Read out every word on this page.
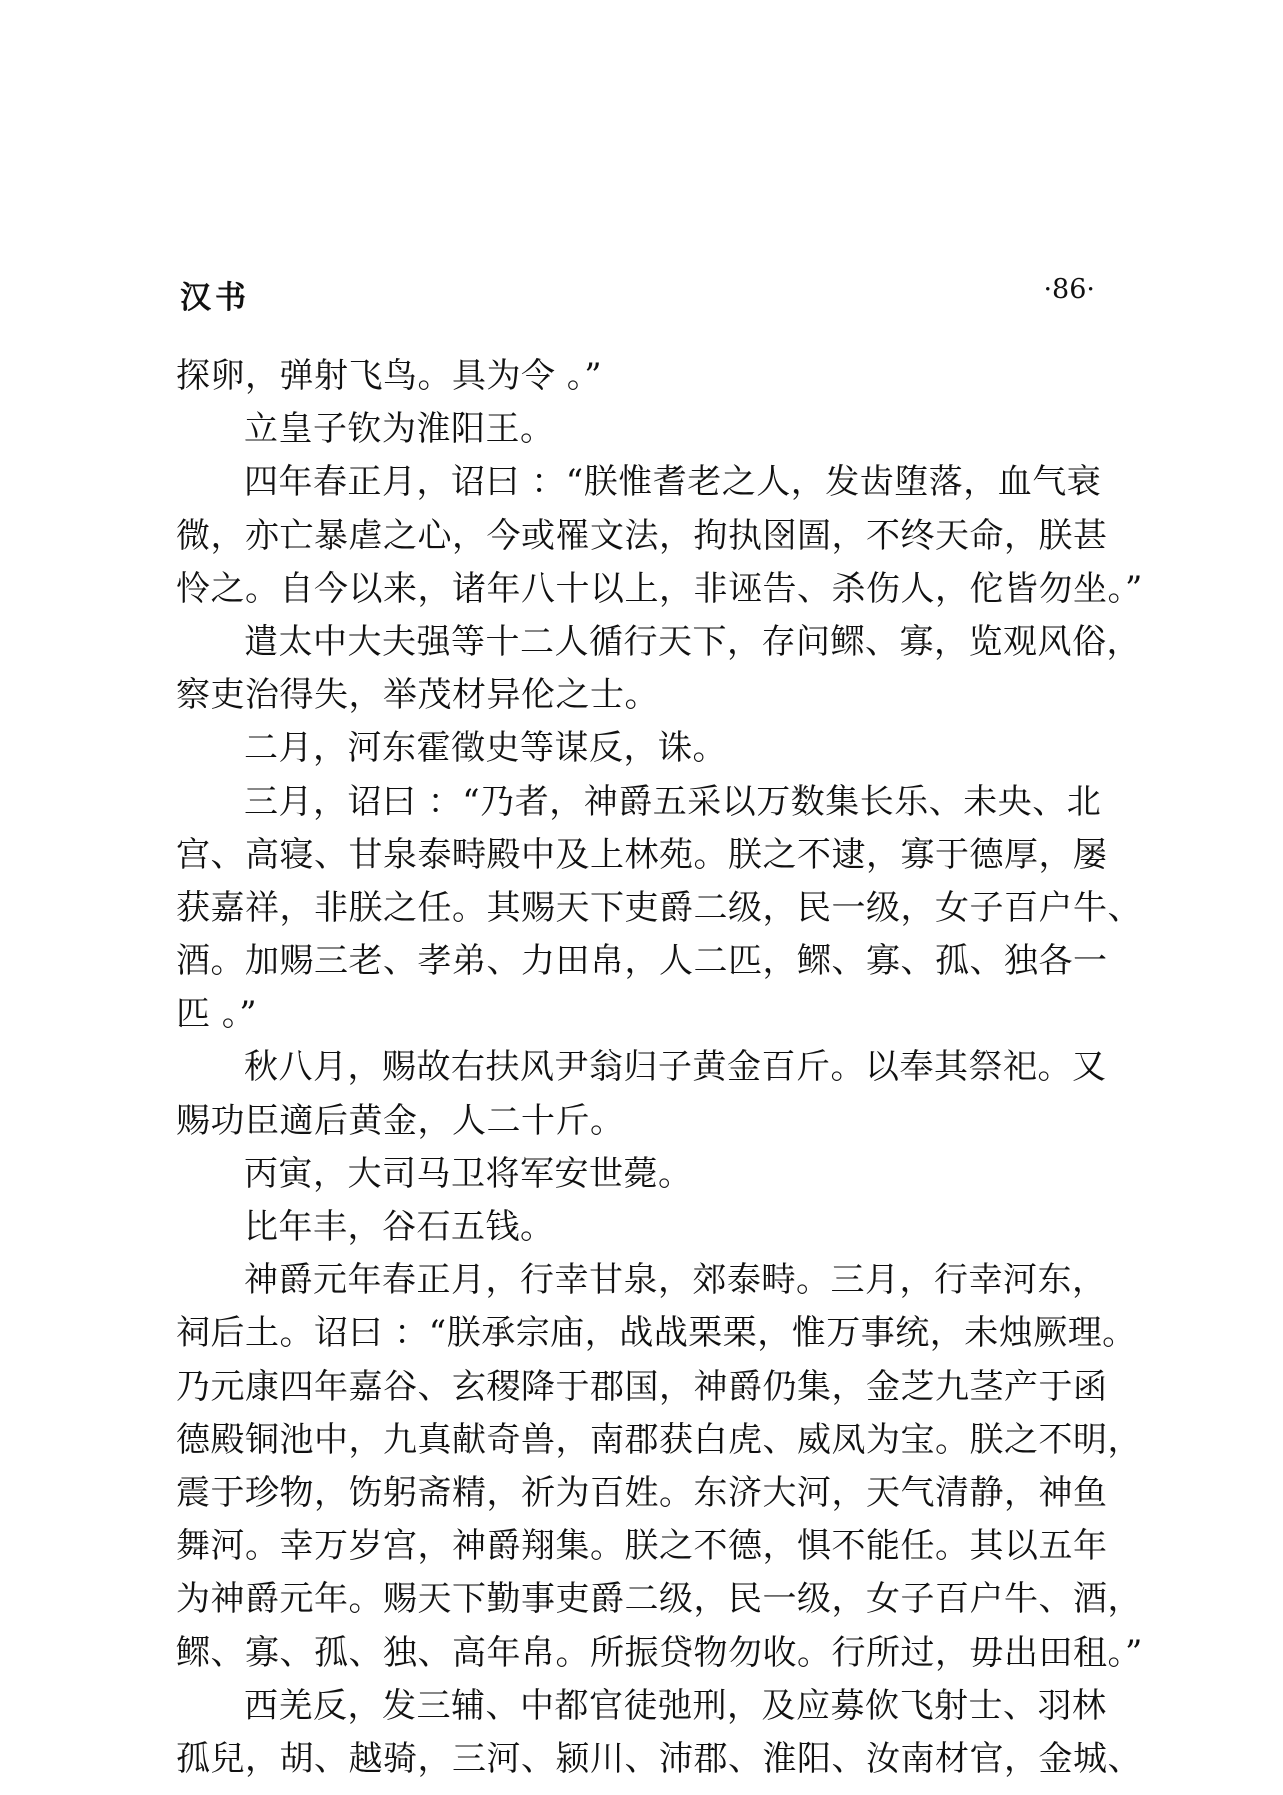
汉书	·86·
探卵，弹射飞鸟。具为令 。”
立皇子钦为淮阳王。
四年春正月，诏曰 ：“朕惟耆老之人，发齿堕落，血气衰
微，亦亡暴虐之心，今或罹文法，拘执囹圄，不终天命，朕甚
怜之。自今以来，诸年八十以上，非诬告、杀伤人，佗皆勿坐。”
遣太中大夫强等十二人循行天下，存问鳏、寡，览观风俗，
察吏治得失，举茂材异伦之士。
二月，河东霍徵史等谋反，诛。
三月，诏曰 ：“乃者，神爵五采以万数集长乐、未央、北
宫、高寝、甘泉泰畤殿中及上林苑。朕之不逮，寡于德厚，屡
获嘉祥，非朕之任。其赐天下吏爵二级，民一级，女子百户牛、
酒。加赐三老、孝弟、力田帛，人二匹，鳏、寡、孤、独各一
匹 。”
秋八月，赐故右扶风尹翁归子黄金百斤。以奉其祭祀。又
赐功臣適后黄金，人二十斤。
丙寅，大司马卫将军安世薨。
比年丰，谷石五钱。
神爵元年春正月，行幸甘泉，郊泰畤。三月，行幸河东，
祠后土。诏曰 ：“朕承宗庙，战战栗栗，惟万事统，未烛厥理。
乃元康四年嘉谷、玄稷降于郡国，神爵仍集，金芝九茎产于函
德殿铜池中，九真献奇兽，南郡获白虎、威凤为宝。朕之不明，
震于珍物，饬躬斋精，祈为百姓。东济大河，天气清静，神鱼
舞河。幸万岁宫，神爵翔集。朕之不德，惧不能任。其以五年
为神爵元年。赐天下勤事吏爵二级，民一级，女子百户牛、酒，
鳏、寡、孤、独、高年帛。所振贷物勿收。行所过，毋出田租。”
西羌反，发三辅、中都官徒弛刑，及应募佽飞射士、羽林
孤兒，胡、越骑，三河、颍川、沛郡、淮阳、汝南材官，金城、
